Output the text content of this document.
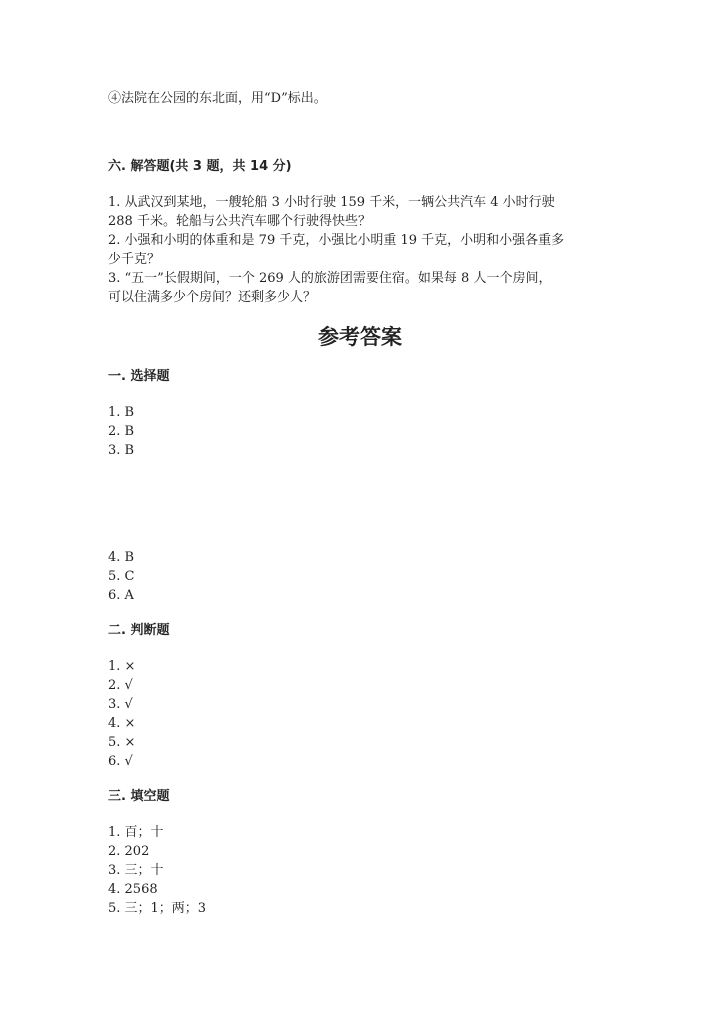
④法院在公园的东北面，用“D”标出。
六. 解答题(共 3 题，共 14 分)
1. 从武汉到某地，一艘轮船 3 小时行驶 159 千米，一辆公共汽车 4 小时行驶
288 千米。轮船与公共汽车哪个行驶得快些？
2. 小强和小明的体重和是 79 千克，小强比小明重 19 千克，小明和小强各重多
少千克？
3. “五一”长假期间，一个 269 人的旅游团需要住宿。如果每 8 人一个房间，
可以住满多少个房间？还剩多少人？
参考答案
一. 选择题
1. B
2. B
3. B
4. B
5. C
6. A
二. 判断题
1. ×
2. √
3. √
4. ×
5. ×
6. √
三. 填空题
1. 百；十
2. 202
3. 三；十
4. 2568
5. 三；1；两；3
